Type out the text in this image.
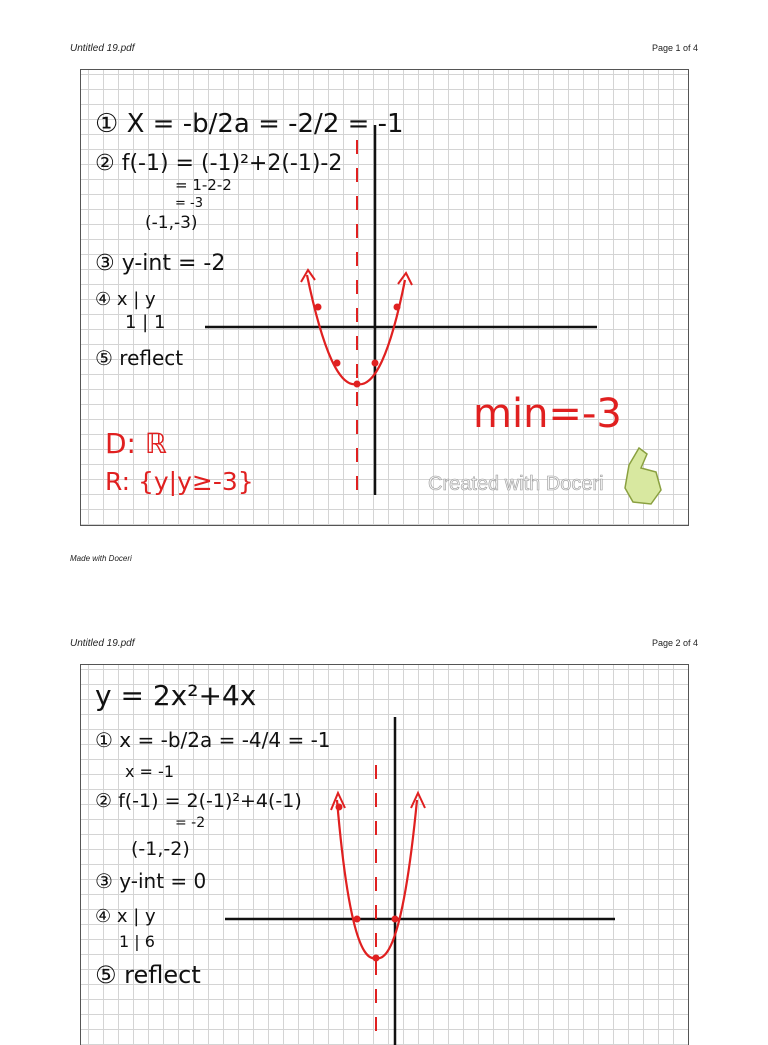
Untitled 19.pdf	Page 1 of 4
① X = -b/2a = -2/2 = -1
② f(-1) = (-1)²+2(-1)-2
= 1-2-2
= -3
(-1,-3)
③ y-int = -2
④ x | y
1 | 1
⑤ reflect
D: ℝ
R: {y|y≥-3}
min=-3
Created with Doceri
Made with Doceri
Untitled 19.pdf	Page 2 of 4
y = 2x²+4x
① x = -b/2a = -4/4 = -1
x = -1
② f(-1) = 2(-1)²+4(-1)
= -2
(-1,-2)
③ y-int = 0
④ x | y
1 | 6
⑤ reflect
